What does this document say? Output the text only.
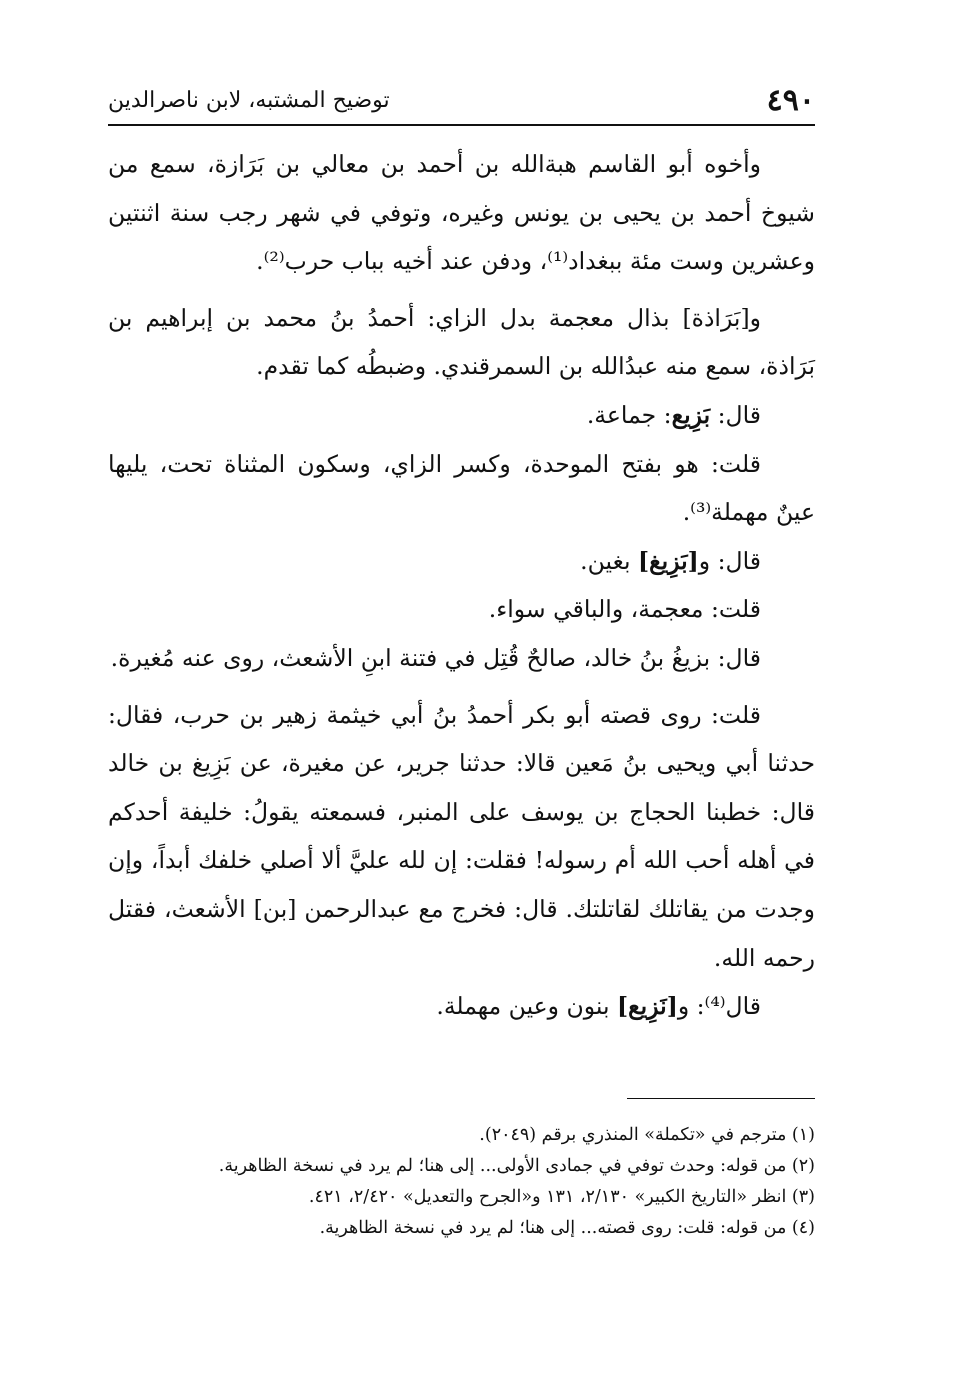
٤٩٠
توضيح المشتبه، لابن ناصرالدين

وأخوه أبو القاسم هبةالله بن أحمد بن معالي بن بَرَازة، سمع من شيوخ أحمد بن يحيى بن يونس وغيره، وتوفي في شهر رجب سنة اثنتين وعشرين وست مئة ببغداد⁽¹⁾، ودفن عند أخيه بباب حرب⁽²⁾.

و[بَرَاذة] بذال معجمة بدل الزاي: أحمدُ بنُ محمد بن إبراهيم بن بَرَاذة، سمع منه عبدُالله بن السمرقندي. وضبطُه كما تقدم.

قال: بَزِيع: جماعة.

قلت: هو بفتح الموحدة، وكسر الزاي، وسكون المثناة تحت، يليها عينٌ مهملة⁽³⁾.

قال: و[بَزِيغ] بغين.

قلت: معجمة، والباقي سواء.

قال: بزيغُ بنُ خالد، صالحٌ قُتِل في فتنة ابنِ الأشعث، روى عنه مُغيرة.

قلت: روى قصته أبو بكر أحمدُ بنُ أبي خيثمة زهير بن حرب، فقال: حدثنا أبي ويحيى بنُ مَعين قالا: حدثنا جرير، عن مغيرة، عن بَزِيغ بن خالد قال: خطبنا الحجاج بن يوسف على المنبر، فسمعته يقولُ: خليفة أحدكم في أهله أحب الله أم رسوله! فقلت: إن لله عليَّ ألا أصلي خلفك أبداً، وإن وجدت من يقاتلك لقاتلتك. قال: فخرج مع عبدالرحمن [بن] الأشعث، فقتل رحمه الله.

قال⁽⁴⁾: و[نَزِيع] بنون وعين مهملة.

(١) مترجم في «تكملة» المنذري برقم (٢٠٤٩).

(٢) من قوله: وحدث توفي في جمادى الأولى... إلى هنا؛ لم يرد في نسخة الظاهرية.

(٣) انظر «التاريخ الكبير» ٢/١٣٠، ١٣١ و«الجرح والتعديل» ٢/٤٢٠، ٤٢١.

(٤) من قوله: قلت: روى قصته... إلى هنا؛ لم يرد في نسخة الظاهرية.
